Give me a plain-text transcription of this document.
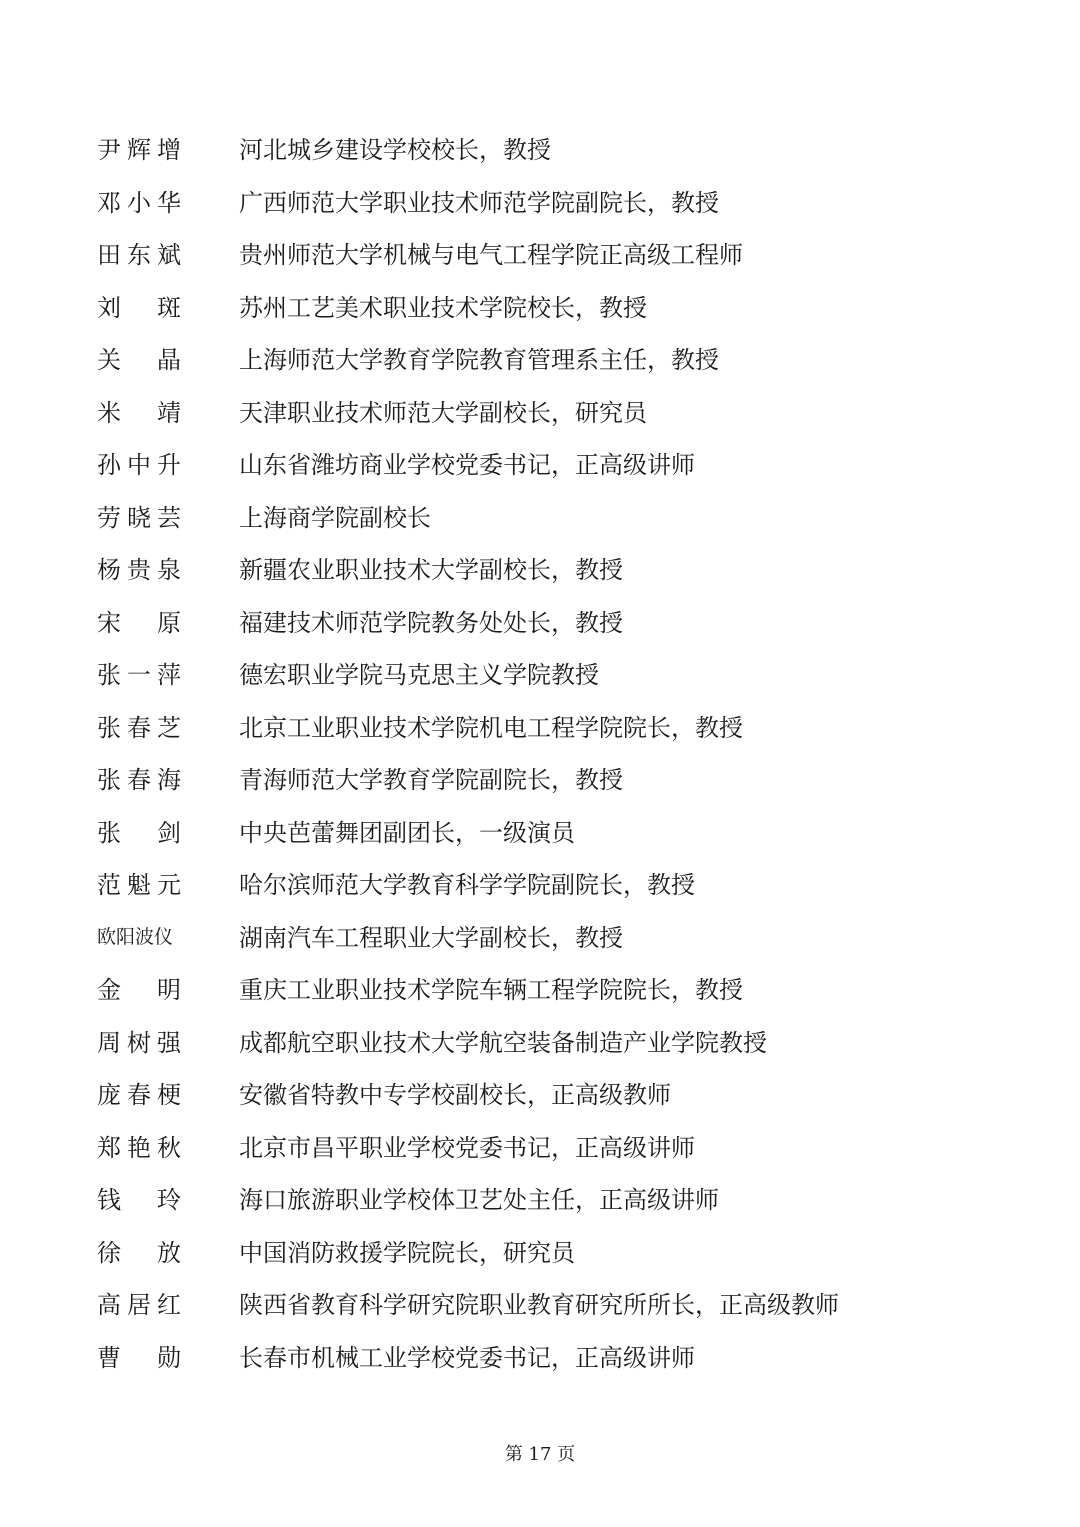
尹 辉 增 河北城乡建设学校校长，教授
邓 小 华 广西师范大学职业技术师范学院副院长，教授
田 东 斌 贵州师范大学机械与电气工程学院正高级工程师
刘 斑 苏州工艺美术职业技术学院校长，教授
关 晶 上海师范大学教育学院教育管理系主任，教授
米 靖 天津职业技术师范大学副校长，研究员
孙 中 升 山东省潍坊商业学校党委书记，正高级讲师
劳 晓 芸 上海商学院副校长
杨 贵 泉 新疆农业职业技术大学副校长，教授
宋 原 福建技术师范学院教务处处长，教授
张 一 萍 德宏职业学院马克思主义学院教授
张 春 芝 北京工业职业技术学院机电工程学院院长，教授
张 春 海 青海师范大学教育学院副院长，教授
张 剑 中央芭蕾舞团副团长，一级演员
范 魁 元 哈尔滨师范大学教育科学学院副院长，教授
欧阳波仪	湖南汽车工程职业大学副校长，教授
金 明 重庆工业职业技术学院车辆工程学院院长，教授
周 树 强 成都航空职业技术大学航空装备制造产业学院教授
庞 春 梗 安徽省特教中专学校副校长，正高级教师
郑 艳 秋 北京市昌平职业学校党委书记，正高级讲师
钱 玲 海口旅游职业学校体卫艺处主任，正高级讲师
徐 放 中国消防救援学院院长，研究员
高 居 红 陕西省教育科学研究院职业教育研究所所长，正高级教师
曹 勋 长春市机械工业学校党委书记，正高级讲师
第 17 页
